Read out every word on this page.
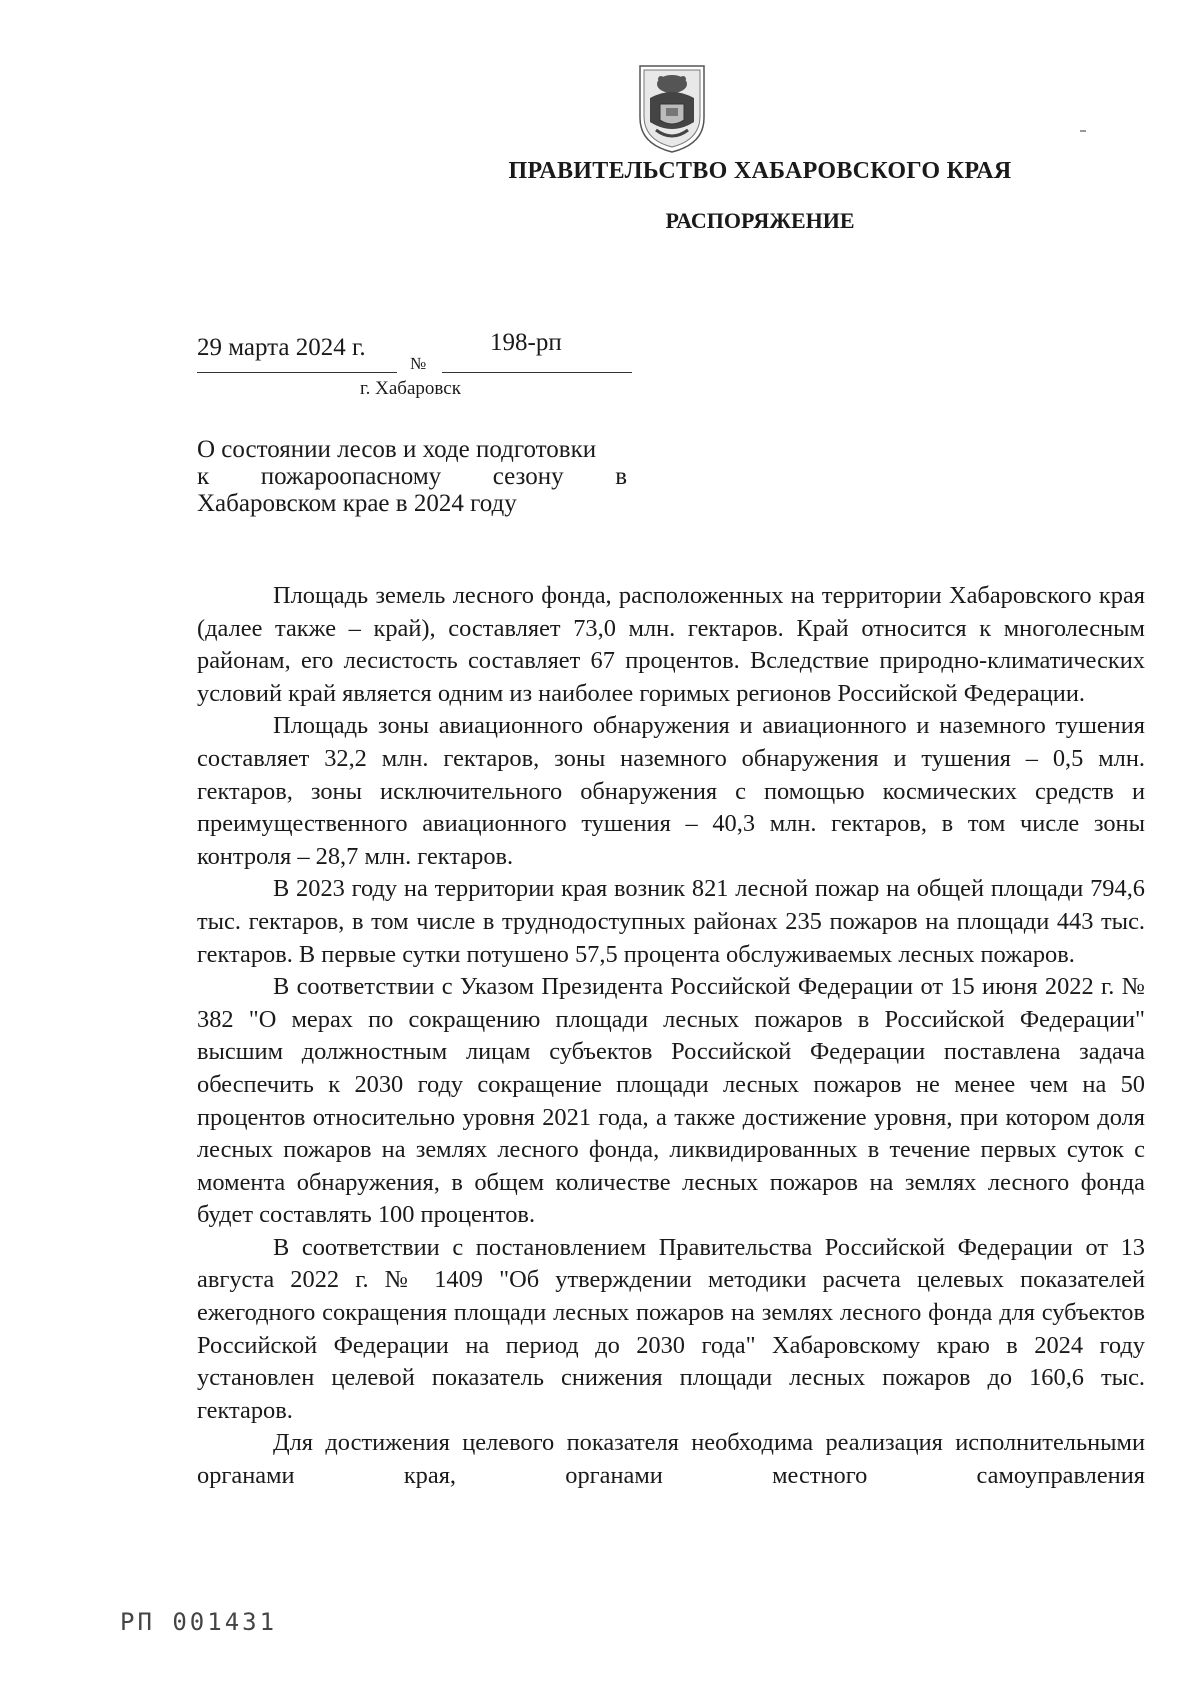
ПРАВИТЕЛЬСТВО ХАБАРОВСКОГО КРАЯ
РАСПОРЯЖЕНИЕ
29 марта 2024 г.
№
198-рп
г. Хабаровск
О состоянии лесов и ходе подготовки

к пожароопасному сезону в
Хабаровском крае в 2024 году

Площадь земель лесного фонда, расположенных на территории Хабаровского края (далее также – край), составляет 73,0 млн. гектаров. Край относится к многолесным районам, его лесистость составляет 67 процентов. Вследствие природно-климатических условий край является одним из наиболее горимых регионов Российской Федерации.

Площадь зоны авиационного обнаружения и авиационного и наземного тушения составляет 32,2 млн. гектаров, зоны наземного обнаружения и тушения – 0,5 млн. гектаров, зоны исключительного обнаружения с помощью космических средств и преимущественного авиационного тушения – 40,3 млн. гектаров, в том числе зоны контроля – 28,7 млн. гектаров.

В 2023 году на территории края возник 821 лесной пожар на общей площади 794,6 тыс. гектаров, в том числе в труднодоступных районах 235 пожаров на площади 443 тыс. гектаров. В первые сутки потушено 57,5 процента обслуживаемых лесных пожаров.

В соответствии с Указом Президента Российской Федерации от 15 июня 2022 г. № 382 "О мерах по сокращению площади лесных пожаров в Российской Федерации" высшим должностным лицам субъектов Российской Федерации поставлена задача обеспечить к 2030 году сокращение площади лесных пожаров не менее чем на 50 процентов относительно уровня 2021 года, а также достижение уровня, при котором доля лесных пожаров на землях лесного фонда, ликвидированных в течение первых суток с момента обнаружения, в общем количестве лесных пожаров на землях лесного фонда будет составлять 100 процентов.

В соответствии с постановлением Правительства Российской Федерации от 13 августа 2022 г. № 1409 "Об утверждении методики расчета целевых показателей ежегодного сокращения площади лесных пожаров на землях лесного фонда для субъектов Российской Федерации на период до 2030 года" Хабаровскому краю в 2024 году установлен целевой показатель снижения площади лесных пожаров до 160,6 тыс. гектаров.

Для достижения целевого показателя необходима реализация исполнительными органами края, органами местного самоуправления

РП 001431
